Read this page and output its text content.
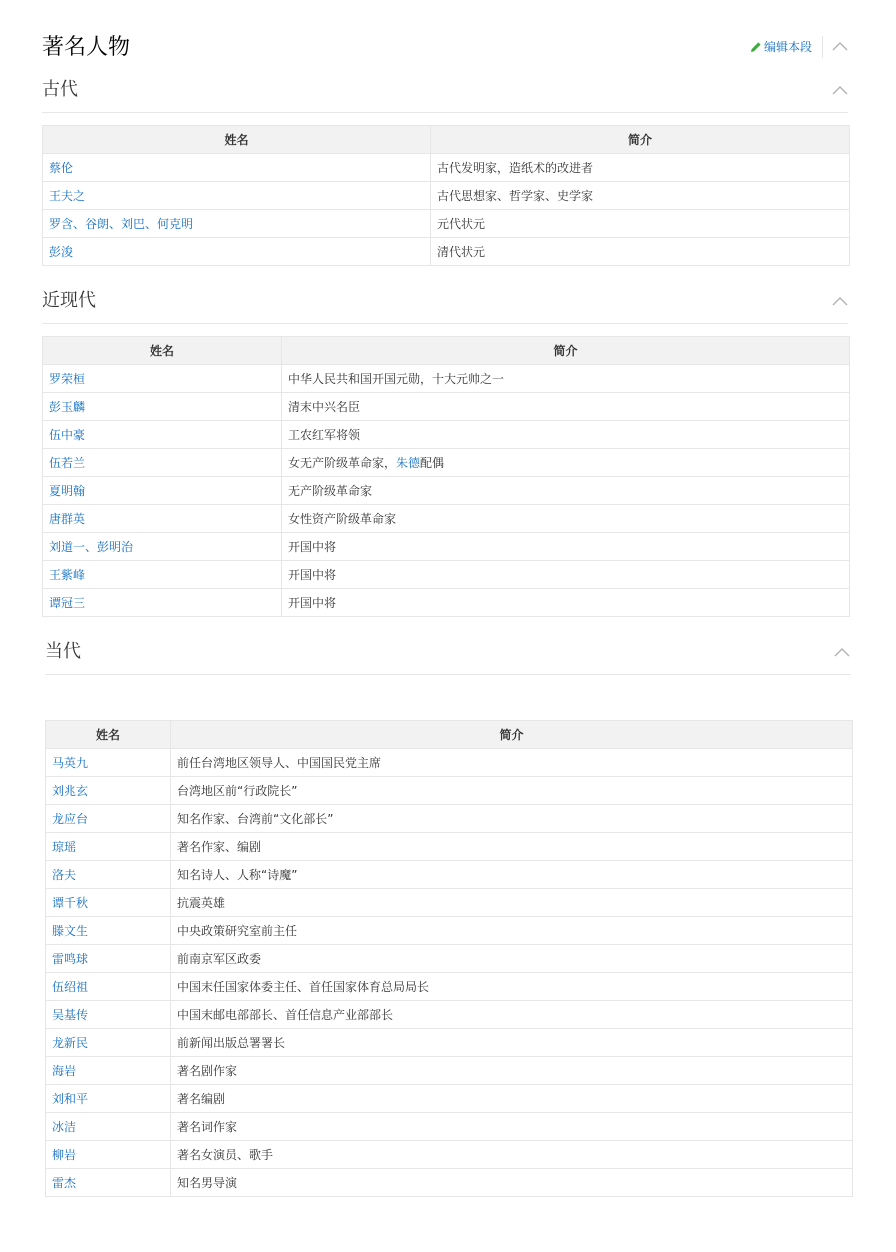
著名人物	编辑本段
古代
姓名	简介
蔡伦	古代发明家，造纸术的改进者
王夫之	古代思想家、哲学家、史学家
罗含、谷朗、刘巴、何克明	元代状元
彭浚	清代状元
近现代
姓名	简介
罗荣桓	中华人民共和国开国元勋，十大元帅之一
彭玉麟	清末中兴名臣
伍中豪	工农红军将领
伍若兰	女无产阶级革命家，朱德配偶
夏明翰	无产阶级革命家
唐群英	女性资产阶级革命家
刘道一、彭明治	开国中将
王紫峰	开国中将
谭冠三	开国中将
当代
姓名	简介
马英九	前任台湾地区领导人、中国国民党主席
刘兆玄	台湾地区前“行政院长”
龙应台	知名作家、台湾前“文化部长”
琼瑶	著名作家、编剧
洛夫	知名诗人、人称“诗魔”
谭千秋	抗震英雄
滕文生	中央政策研究室前主任
雷鸣球	前南京军区政委
伍绍祖	中国末任国家体委主任、首任国家体育总局局长
吴基传	中国末邮电部部长、首任信息产业部部长
龙新民	前新闻出版总署署长
海岩	著名剧作家
刘和平	著名编剧
冰洁	著名词作家
柳岩	著名女演员、歌手
雷杰	知名男导演
